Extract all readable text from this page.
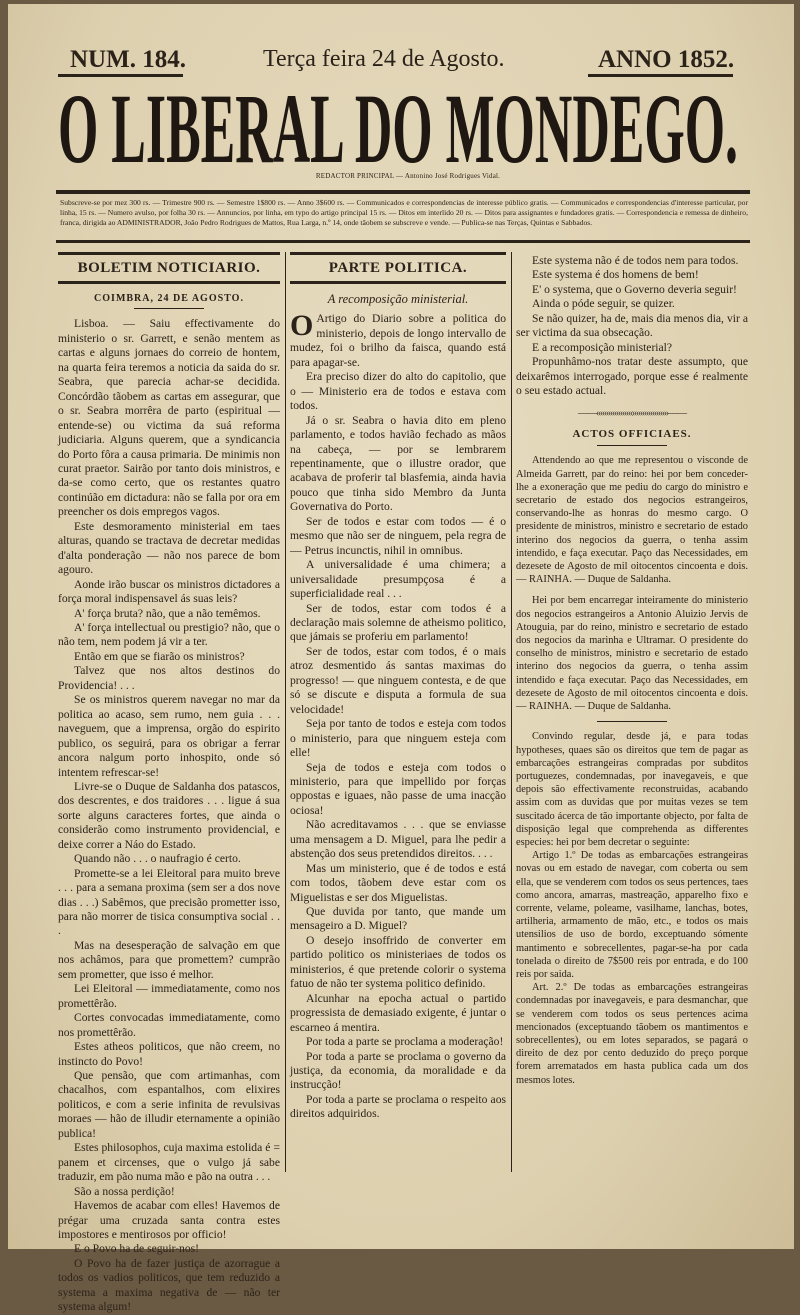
NUM. 184.	Terça feira 24 de Agosto.	ANNO 1852.
O LIBERAL DO MONDEGO.
REDACTOR PRINCIPAL — Antonino José Rodrigues Vidal.
Subscreve-se por mez 300 rs. — Trimestre 900 rs. — Semestre 1$800 rs. — Anno 3$600 rs. — Communicados e correspondencias de interesse público gratis. — Communicados e correspondencias d'interesse particular, por linha, 15 rs. — Numero avulso, por folha 30 rs. — Annuncios, por linha, em typo do artigo principal 15 rs. — Ditos em interlido 20 rs. — Ditos para assignantes e fundadores gratis. — Correspondencia e remessa de dinheiro, franca, dirigida ao ADMINISTRADOR, João Pedro Rodrigues de Mattos, Rua Larga, n.º 14, onde tãobem se subscreve e vende. — Publica-se nas Terças, Quintas e Sabbados.
BOLETIM NOTICIARIO.
COIMBRA, 24 DE AGOSTO.

Lisboa. — Saiu effectivamente do ministerio o sr. Garrett, e senão mentem as cartas e alguns jornaes do correio de hontem, na quarta feira teremos a noticia da saida do sr. Seabra, que parecia achar-se decidida. Concórdão tãobem as cartas em assegurar, que o sr. Seabra morrêra de parto (espiritual — entende-se) ou victima da suá reforma judiciaria. Alguns querem, que a syndicancia do Porto fôra a causa primaria. De minimis non curat praetor. Sairão por tanto dois ministros, e da-se como certo, que os restantes quatro continúão em dictadura: não se falla por ora em preencher os dois empregos vagos.

Este desmoramento ministerial em taes alturas, quando se tractava de decretar medidas d'alta ponderação — não nos parece de bom agouro.

Aonde irão buscar os ministros dictadores a força moral indispensavel ás suas leis?

A' força bruta? não, que a não temêmos.

A' força intellectual ou prestigio? não, que o não tem, nem podem já vir a ter.

Então em que se fiarão os ministros?

Talvez que nos altos destinos do Providencia! . . .

Se os ministros querem navegar no mar da politica ao acaso, sem rumo, nem guia . . . naveguem, que a imprensa, orgão do espirito publico, os seguirá, para os obrigar a ferrar ancora nalgum porto inhospito, onde só intentem refrescar-se!

Livre-se o Duque de Saldanha dos patascos, dos descrentes, e dos traidores . . . ligue á sua sorte alguns caracteres fortes, que ainda o considerão como instrumento providencial, e deixe correr a Náo do Estado.

Quando não . . . o naufragio é certo.

Promette-se a lei Eleitoral para muito breve . . . para a semana proxima (sem ser a dos nove dias . . .) Sabêmos, que precisão prometter isso, para não morrer de tisica consumptiva social . . .

Mas na desesperação de salvação em que nos achâmos, para que promettem? cumprão sem prometter, que isso é melhor.

Lei Eleitoral — immediatamente, como nos promettêrão.

Cortes convocadas immediatamente, como nos promettêrão.

Estes atheos politicos, que não creem, no instincto do Povo!

Que pensão, que com artimanhas, com chacalhos, com espantalhos, com elixires politicos, e com a serie infinita de revulsivas moraes — hão de illudir eternamente a opinião publica!

Estes philosophos, cuja maxima estolida é = panem et circenses, que o vulgo já sabe traduzir, em pão numa mão e pão na outra . . .

São a nossa perdição!

Havemos de acabar com elles! Havemos de prégar uma cruzada santa contra estes impostores e mentirosos por officio!

E o Povo ha de seguir-nos!

O Povo ha de fazer justiça de azorrague a todos os vadios politicos, que tem reduzido a systema a maxima negativa de — não ter systema algum!

PARTE POLITICA.
A recomposição ministerial.

OArtigo do Diario sobre a politica do ministerio, depois de longo intervallo de mudez, foi o brilho da faisca, quando está para apagar-se.

Era preciso dizer do alto do capitolio, que o — Ministerio era de todos e estava com todos.

Já o sr. Seabra o havia dito em pleno parlamento, e todos havião fechado as mãos na cabeça, — por se lembrarem repentinamente, que o illustre orador, que acabava de proferir tal blasfemia, ainda havia pouco que tinha sido Membro da Junta Governativa do Porto.

Ser de todos e estar com todos — é o mesmo que não ser de ninguem, pela regra de — Petrus incunctis, nihil in omnibus.

A universalidade é uma chimera; a universalidade presumpçosa é a superficialidade real . . .

Ser de todos, estar com todos é a declaração mais solemne de atheismo politico, que jámais se proferiu em parlamento!

Ser de todos, estar com todos, é o mais atroz desmentido ás santas maximas do progresso! — que ninguem contesta, e de que só se discute e disputa a formula de sua velocidade!

Seja por tanto de todos e esteja com todos o ministerio, para que ninguem esteja com elle!

Seja de todos e esteja com todos o ministerio, para que impellido por forças oppostas e iguaes, não passe de uma inacção ociosa!

Não acreditavamos . . . que se enviasse uma mensagem a D. Miguel, para lhe pedir a abstenção dos seus pretendidos direitos. . . .

Mas um ministerio, que é de todos e está com todos, tãobem deve estar com os Miguelistas e ser dos Miguelistas.

Que duvida por tanto, que mande um mensageiro a D. Miguel?

O desejo insoffrido de converter em partido politico os ministeriaes de todos os ministerios, é que pretende colorir o systema fatuo de não ter systema politico definido.

Alcunhar na epocha actual o partido progressista de demasiado exigente, é juntar o escarneo á mentira.

Por toda a parte se proclama a moderação!

Por toda a parte se proclama o governo da justiça, da economia, da moralidade e da instrucção!

Por toda a parte se proclama o respeito aos direitos adquiridos.

Este systema não é de todos nem para todos.

Este systema é dos homens de bem!

E' o systema, que o Governo deveria seguir!

Ainda o póde seguir, se quizer.

Se não quizer, ha de, mais dia menos dia, vir a ser victima da sua obsecação.

E a recomposição ministerial?

Propunhâmo-nos tratar deste assumpto, que deixarêmos interrogado, porque esse é realmente o seu estado actual.

——«««««««««»»»»»»»»»——
ACTOS OFFICIAES.

Attendendo ao que me representou o visconde de Almeida Garrett, par do reino: hei por bem conceder-lhe a exoneração que me pediu do cargo do ministro e secretario de estado dos negocios estrangeiros, conservando-lhe as honras do mesmo cargo. O presidente de ministros, ministro e secretario de estado interino dos negocios da guerra, o tenha assim intendido, e faça executar. Paço das Necessidades, em dezesete de Agosto de mil oitocentos cincoenta e dois. — RAINHA. — Duque de Saldanha.

Hei por bem encarregar inteiramente do ministerio dos negocios estrangeiros a Antonio Aluizio Jervis de Atouguia, par do reino, ministro e secretario de estado dos negocios da marinha e Ultramar. O presidente do conselho de ministros, ministro e secretario de estado interino dos negocios da guerra, o tenha assim intendido e faça executar. Paço das Necessidades, em dezesete de Agosto de mil oitocentos cincoenta e dois. — RAINHA. — Duque de Saldanha.

Convindo regular, desde já, e para todas hypotheses, quaes são os direitos que tem de pagar as embarcações estrangeiras compradas por subditos portuguezes, condemnadas, por inavegaveis, e que depois são effectivamente reconstruidas, acabando assim com as duvidas que por muitas vezes se tem suscitado ácerca de tão importante objecto, por falta de disposição legal que comprehenda as differentes especies: hei por bem decretar o seguinte:

Artigo 1.º De todas as embarcações estrangeiras novas ou em estado de navegar, com coberta ou sem ella, que se venderem com todos os seus pertences, taes como ancora, amarras, mastreação, apparelho fixo e corrente, velame, poleame, vasilhame, lanchas, botes, artilheria, armamento de mão, etc., e todos os mais utensilios de uso de bordo, exceptuando sómente mantimento e sobrecellentes, pagar-se-ha por cada tonelada o direito de 7$500 reis por entrada, e do 100 reis por saida.

Art. 2.º De todas as embarcações estrangeiras condemnadas por inavegaveis, e para desmanchar, que se venderem com todos os seus pertences acima mencionados (exceptuando tãobem os mantimentos e sobrecellentes), ou em lotes separados, se pagará o direito de dez por cento deduzido do preço porque forem arrematados em hasta publica cada um dos mesmos lotes.
